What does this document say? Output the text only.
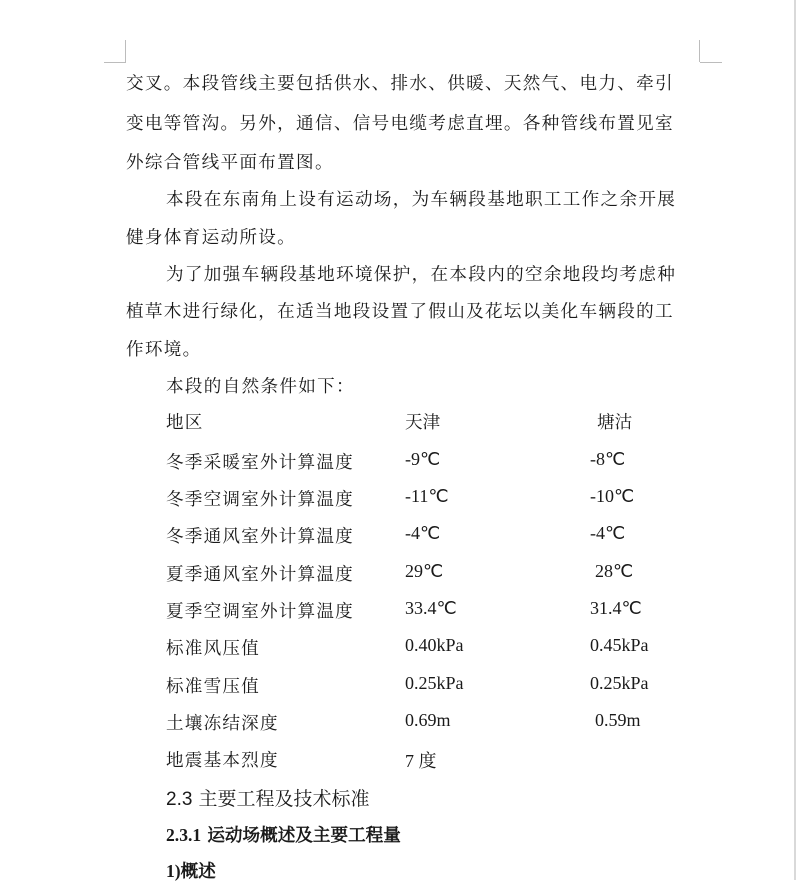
交叉。本段管线主要包括供水、排水、供暖、天然气、电力、牵引

变电等管沟。另外，通信、信号电缆考虑直埋。各种管线布置见室

外综合管线平面布置图。

本段在东南角上设有运动场，为车辆段基地职工工作之余开展

健身体育运动所设。

为了加强车辆段基地环境保护，在本段内的空余地段均考虑种

植草木进行绿化，在适当地段设置了假山及花坛以美化车辆段的工

作环境。

本段的自然条件如下：

地区	天津	塘沽
冬季采暖室外计算温度	-9℃	-8℃
冬季空调室外计算温度	-11℃	-10℃
冬季通风室外计算温度	-4℃	-4℃
夏季通风室外计算温度	29℃	28℃
夏季空调室外计算温度	33.4℃	31.4℃
标准风压值	0.40kPa	0.45kPa
标准雪压值	0.25kPa	0.25kPa
土壤冻结深度	0.69m	0.59m
地震基本烈度	7 度
2.3 主要工程及技术标准
2.3.1 运动场概述及主要工程量
1)概述
